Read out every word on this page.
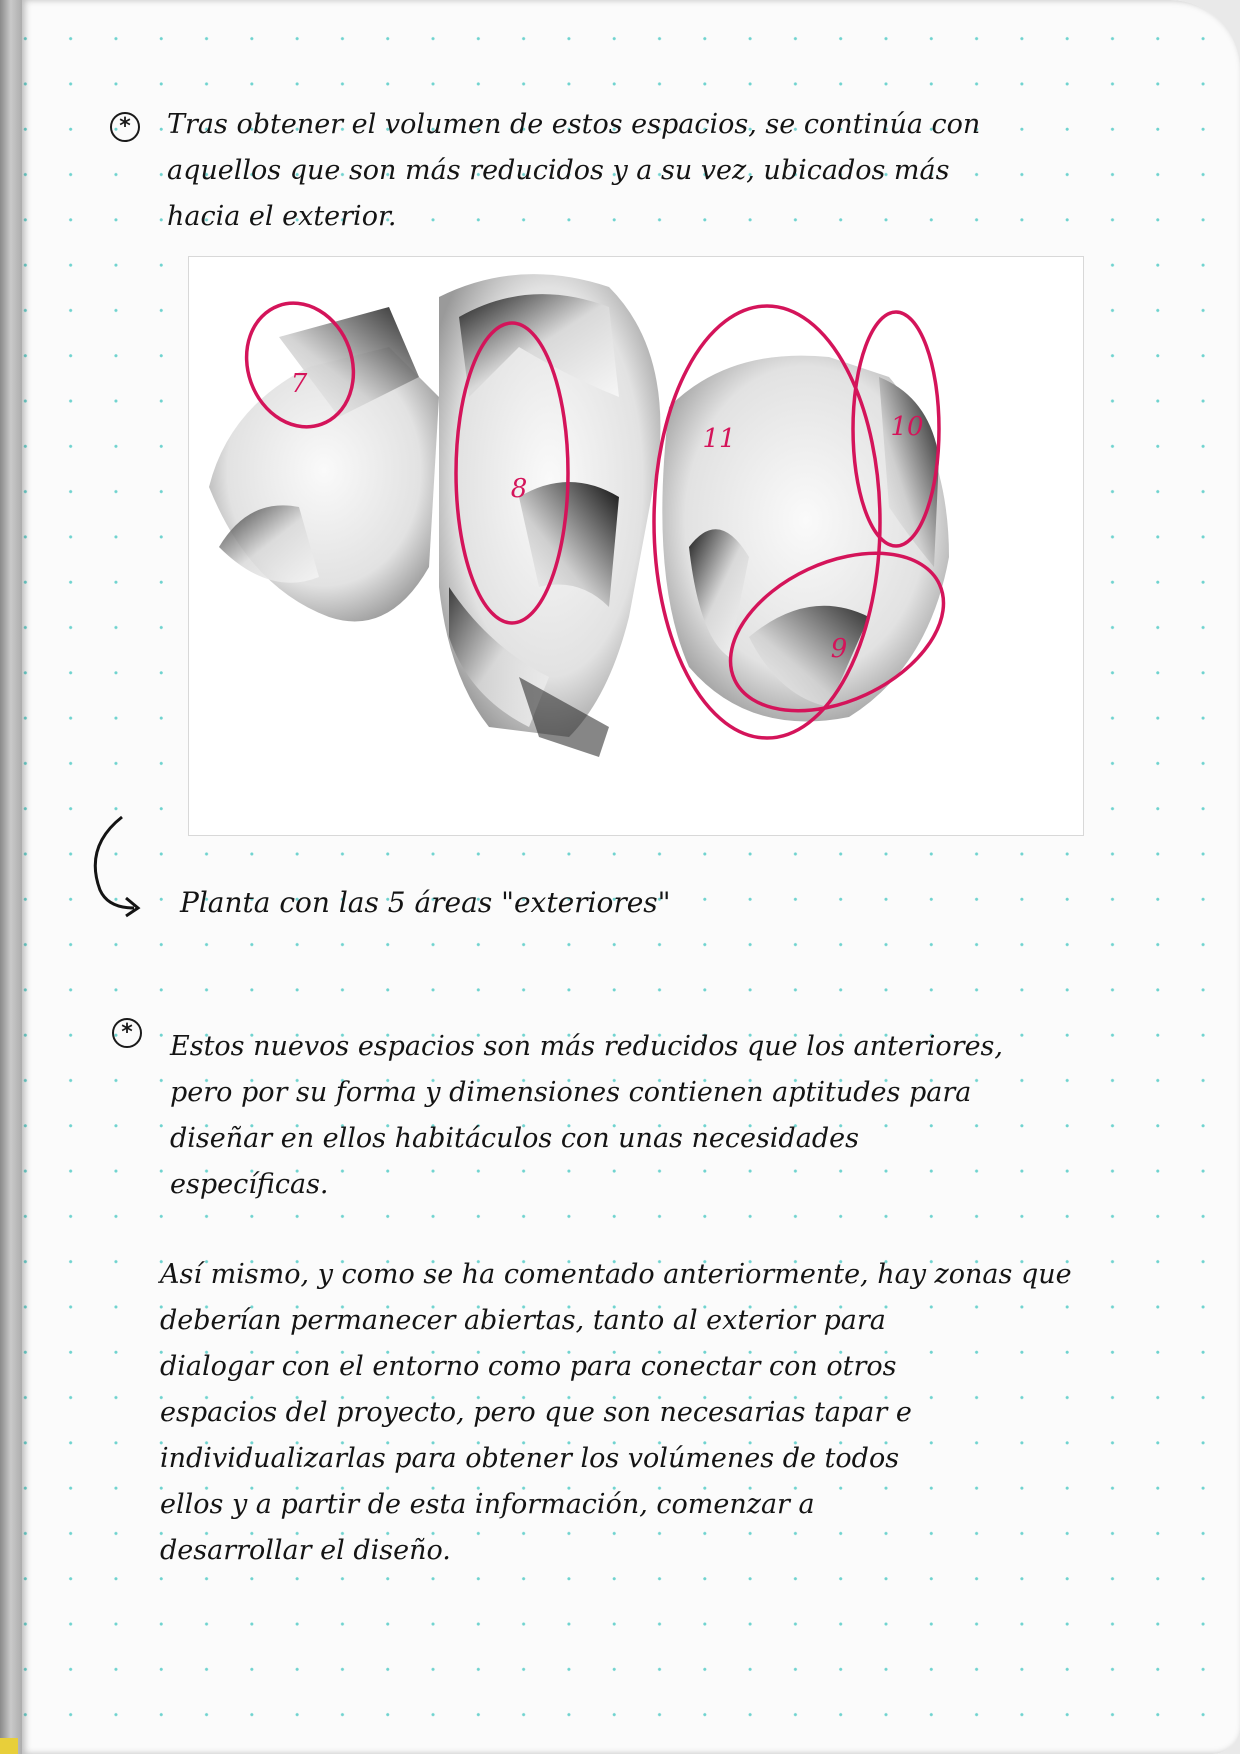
*	Tras obtener el volumen de estos espacios, se continúa con
aquellos que son más reducidos y a su vez, ubicados más
hacia el exterior.

7
8
11	10
9

Planta con las 5 áreas "exteriores"

*	Estos nuevos espacios son más reducidos que los anteriores,
pero por su forma y dimensiones contienen aptitudes para
diseñar en ellos habitáculos con unas necesidades
específicas.

Así mismo, y como se ha comentado anteriormente, hay zonas que
deberían permanecer abiertas, tanto al exterior para
dialogar con el entorno como para conectar con otros
espacios del proyecto, pero que son necesarias tapar e
individualizarlas para obtener los volúmenes de todos
ellos y a partir de esta información, comenzar a
desarrollar el diseño.
